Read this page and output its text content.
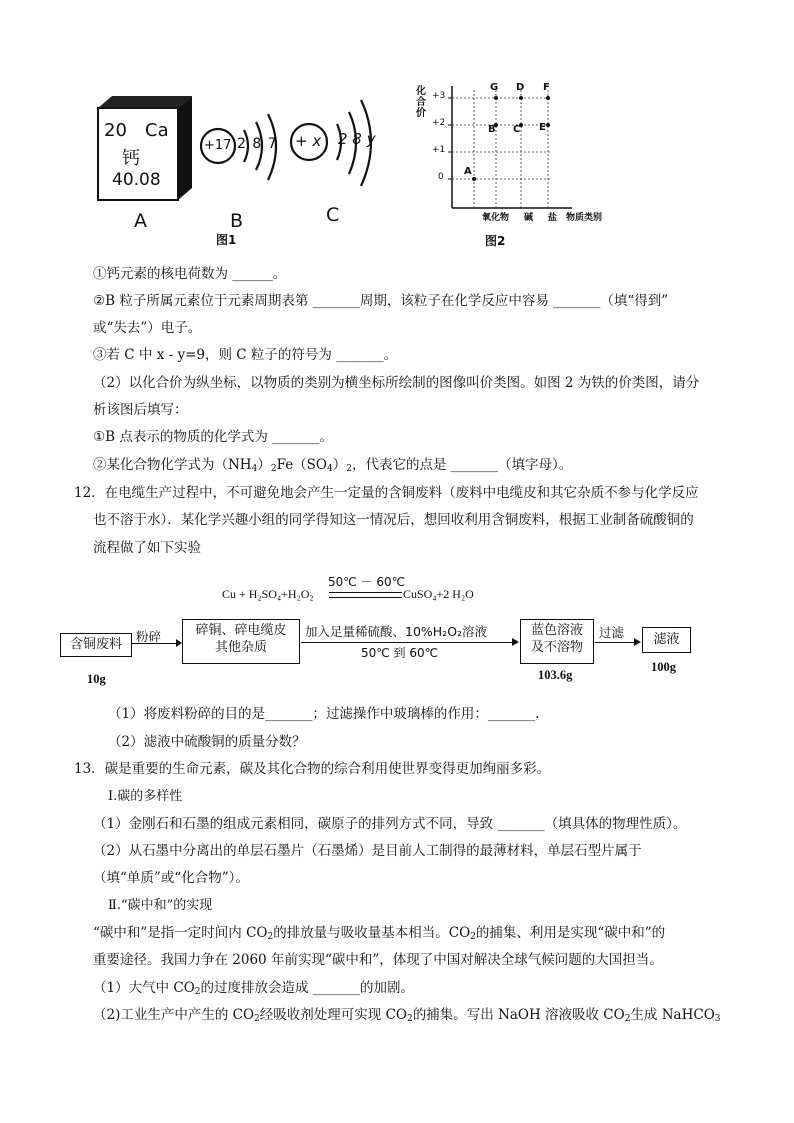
20 Ca
钙
40.08
A
+17 2 8 7
B
+ x 2 8 y
C
图1
化合价
+3
+2
+1
0
G D F
B C E
A
氧化物 碱 盐 物质类别
图2
①钙元素的核电荷数为 ______。
②B 粒子所属元素位于元素周期表第 _______周期，该粒子在化学反应中容易 _______（填“得到”
或“失去”）电子。
③若 C 中 x - y=9，则 C 粒子的符号为 _______。
（2）以化合价为纵坐标，以物质的类别为横坐标所绘制的图像叫价类图。如图 2 为铁的价类图，请分
析该图后填写：
①B 点表示的物质的化学式为 _______。
②某化合物化学式为$(NH_4)_2Fe(SO_4)_2$，代表它的点是 _______（填字母）。
12．在电缆生产过程中，不可避免地会产生一定量的含铜废料（废料中电缆皮和其它杂质不参与化学反应
也不溶于水）．某化学兴趣小组的同学得知这一情况后，想回收利用含铜废料，根据工业制备硫酸铜的
流程做了如下实验
50℃ － 60℃
Cu + H₂SO₄+H₂O₂	CuSO₄+2 H₂O
含铜废料
粉碎	碎铜、碎电缆皮
其他杂质
加入足量稀硫酸、10%H₂O₂溶液
50℃ 到 60℃
蓝色溶液
及不溶物
过滤	滤液
10g	103.6g
100g
（1）将废料粉碎的目的是_______；过滤操作中玻璃棒的作用：_______.
（2）滤液中硫酸铜的质量分数？
13．碳是重要的生命元素，碳及其化合物的综合利用使世界变得更加绚丽多彩。
Ⅰ.碳的多样性
（1）金刚石和石墨的组成元素相同，碳原子的排列方式不同，导致 _______（填具体的物理性质）。
（2）从石墨中分离出的单层石墨片（石墨烯）是目前人工制得的最薄材料，单层石型片属于
（填“单质”或“化合物”）。
Ⅱ.“碳中和”的实现
“碳中和”是指一定时间内 $CO_2$的排放量与吸收量基本相当。$CO_2$的捕集、利用是实现“碳中和”的
重要途径。我国力争在 2060 年前实现“碳中和”，体现了中国对解决全球气候问题的大国担当。
（1）大气中 $CO_2$的过度排放会造成 _______的加剧。
（2)工业生产中产生的 $CO_2$经吸收剂处理可实现 $CO_2$的捕集。写出 NaOH 溶液吸收 $CO_2$生成 NaHCO$_3$
